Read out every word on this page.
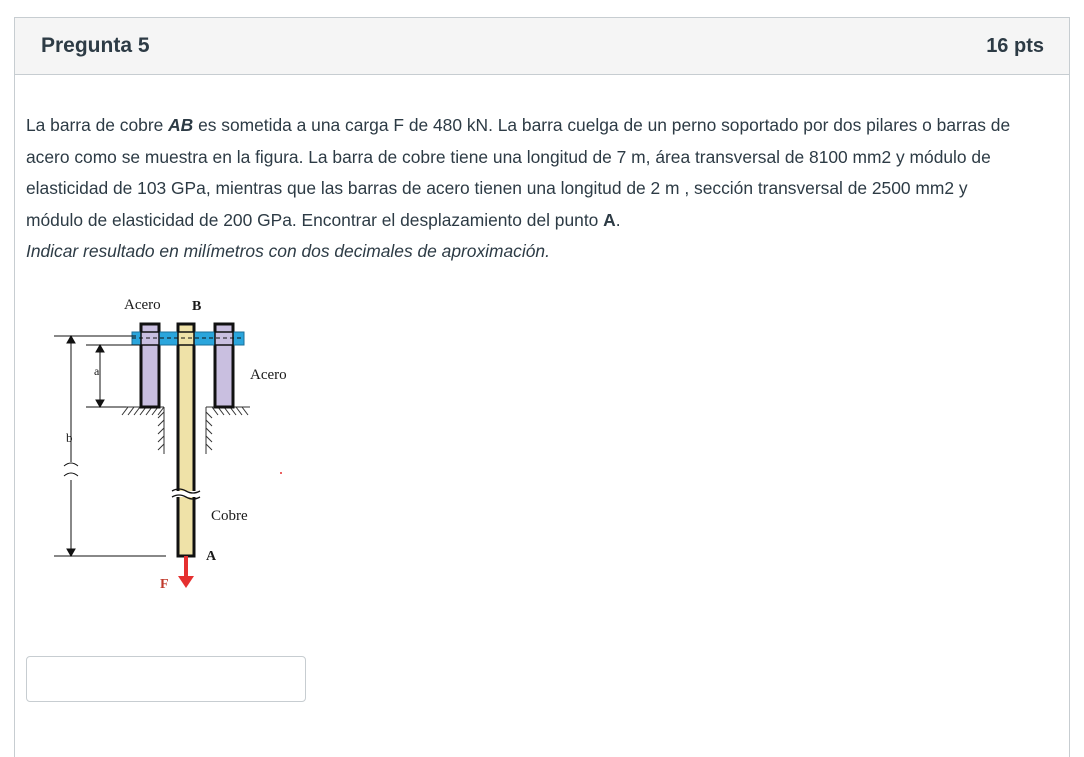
Pregunta 5	16 pts

La barra de cobre AB es sometida a una carga F de 480 kN. La barra cuelga de un perno soportado por dos pilares o barras de acero como se muestra en la figura. La barra de cobre tiene una longitud de 7 m, área transversal de 8100 mm2 y módulo de elasticidad de 103 GPa, mientras que las barras de acero tienen una longitud de 2 m , sección transversal de 2500 mm2 y módulo de elasticidad de 200 GPa. Encontrar el desplazamiento del punto A.

Indicar resultado en milímetros con dos decimales de aproximación.

Acero B
Acero
a
b
Cobre
A
F
